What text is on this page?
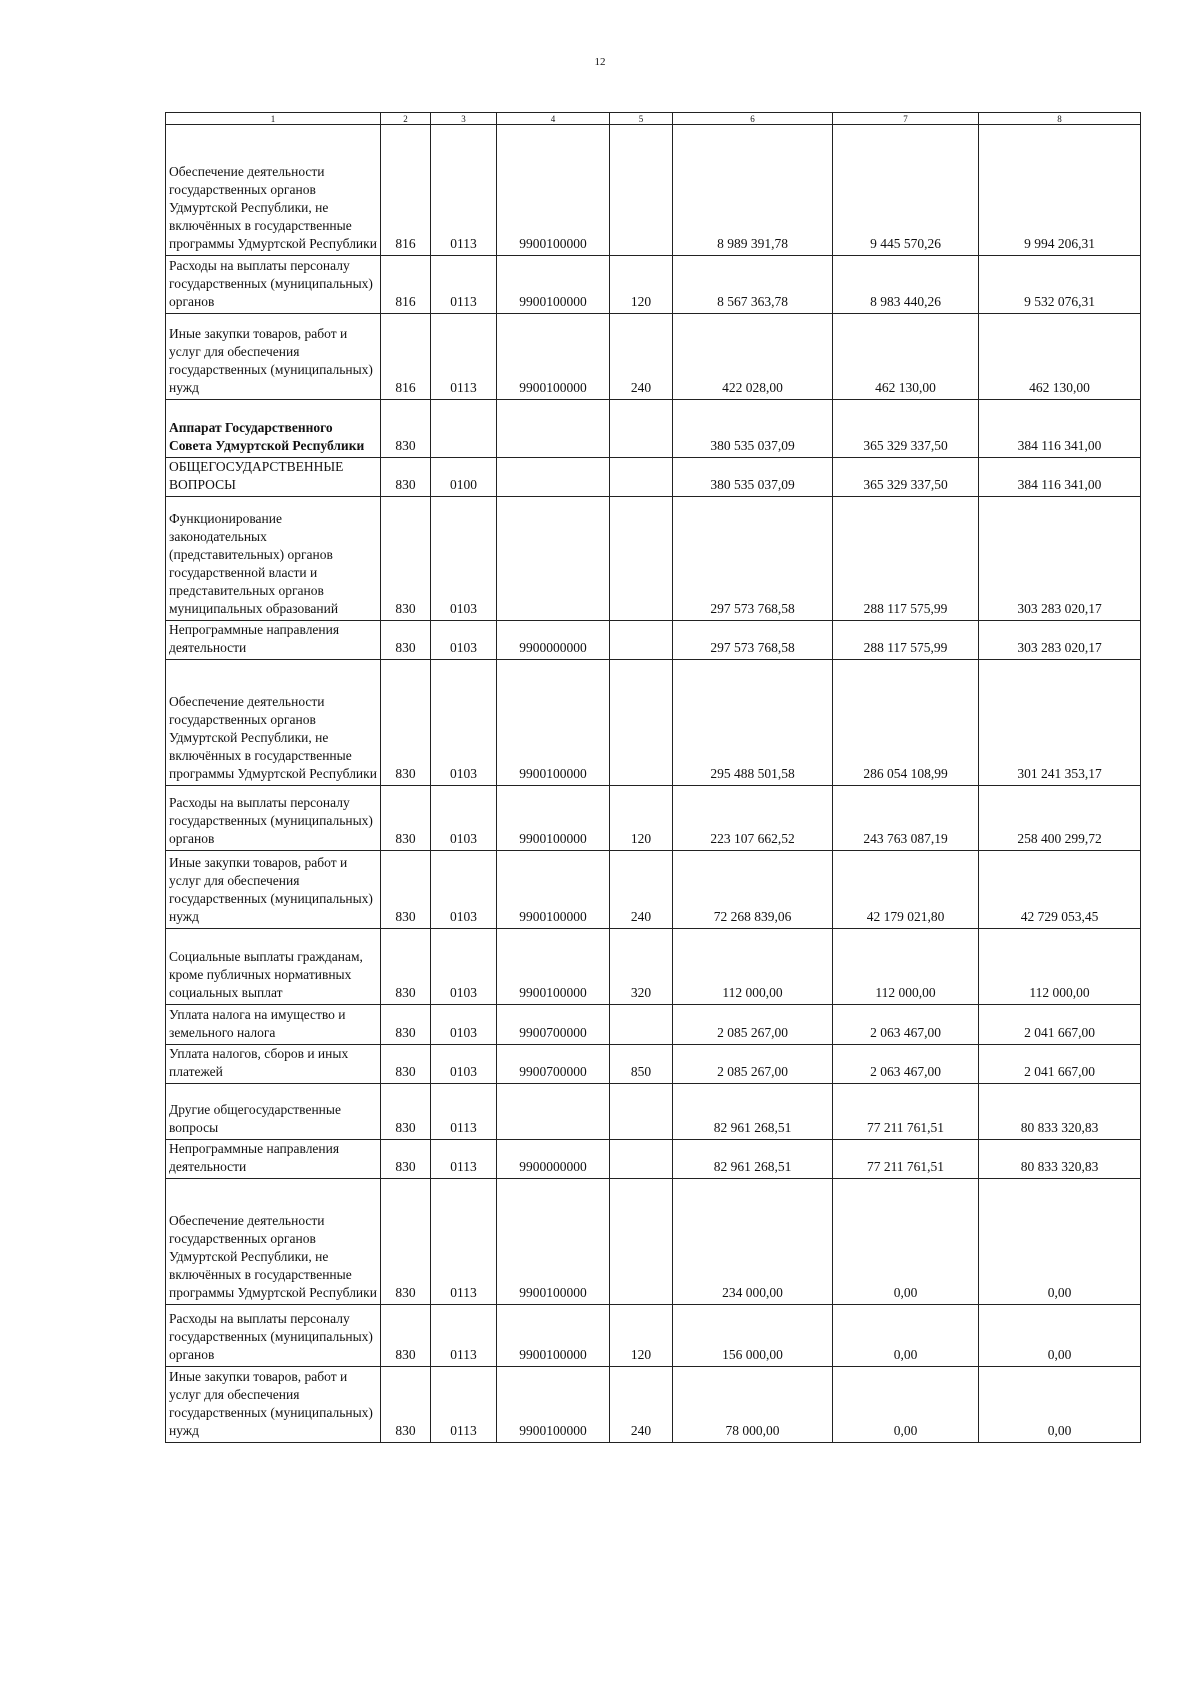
12
1	2	3	4	5	6	7	8
Обеспечение деятельности государственных органов Удмуртской Республики, не включённых в государственные программы Удмуртской Республики	816	0113	9900100000		8 989 391,78	9 445 570,26	9 994 206,31
Расходы на выплаты персоналу государственных (муниципальных) органов	816	0113	9900100000	120	8 567 363,78	8 983 440,26	9 532 076,31
Иные закупки товаров, работ и услуг для обеспечения государственных (муниципальных) нужд	816	0113	9900100000	240	422 028,00	462 130,00	462 130,00
Аппарат Государственного Совета Удмуртской Республики	830				380 535 037,09	365 329 337,50	384 116 341,00
ОБЩЕГОСУДАРСТВЕННЫЕ ВОПРОСЫ	830	0100			380 535 037,09	365 329 337,50	384 116 341,00
Функционирование законодательных (представительных) органов государственной власти и представительных органов муниципальных образований	830	0103			297 573 768,58	288 117 575,99	303 283 020,17
Непрограммные направления деятельности	830	0103	9900000000		297 573 768,58	288 117 575,99	303 283 020,17
Обеспечение деятельности государственных органов Удмуртской Республики, не включённых в государственные программы Удмуртской Республики	830	0103	9900100000		295 488 501,58	286 054 108,99	301 241 353,17
Расходы на выплаты персоналу государственных (муниципальных) органов	830	0103	9900100000	120	223 107 662,52	243 763 087,19	258 400 299,72
Иные закупки товаров, работ и услуг для обеспечения государственных (муниципальных) нужд	830	0103	9900100000	240	72 268 839,06	42 179 021,80	42 729 053,45
Социальные выплаты гражданам, кроме публичных нормативных социальных выплат	830	0103	9900100000	320	112 000,00	112 000,00	112 000,00
Уплата налога на имущество и земельного налога	830	0103	9900700000		2 085 267,00	2 063 467,00	2 041 667,00
Уплата налогов, сборов и иных платежей	830	0103	9900700000	850	2 085 267,00	2 063 467,00	2 041 667,00
Другие общегосударственные вопросы	830	0113			82 961 268,51	77 211 761,51	80 833 320,83
Непрограммные направления деятельности	830	0113	9900000000		82 961 268,51	77 211 761,51	80 833 320,83
Обеспечение деятельности государственных органов Удмуртской Республики, не включённых в государственные программы Удмуртской Республики	830	0113	9900100000		234 000,00	0,00	0,00
Расходы на выплаты персоналу государственных (муниципальных) органов	830	0113	9900100000	120	156 000,00	0,00	0,00
Иные закупки товаров, работ и услуг для обеспечения государственных (муниципальных) нужд	830	0113	9900100000	240	78 000,00	0,00	0,00
